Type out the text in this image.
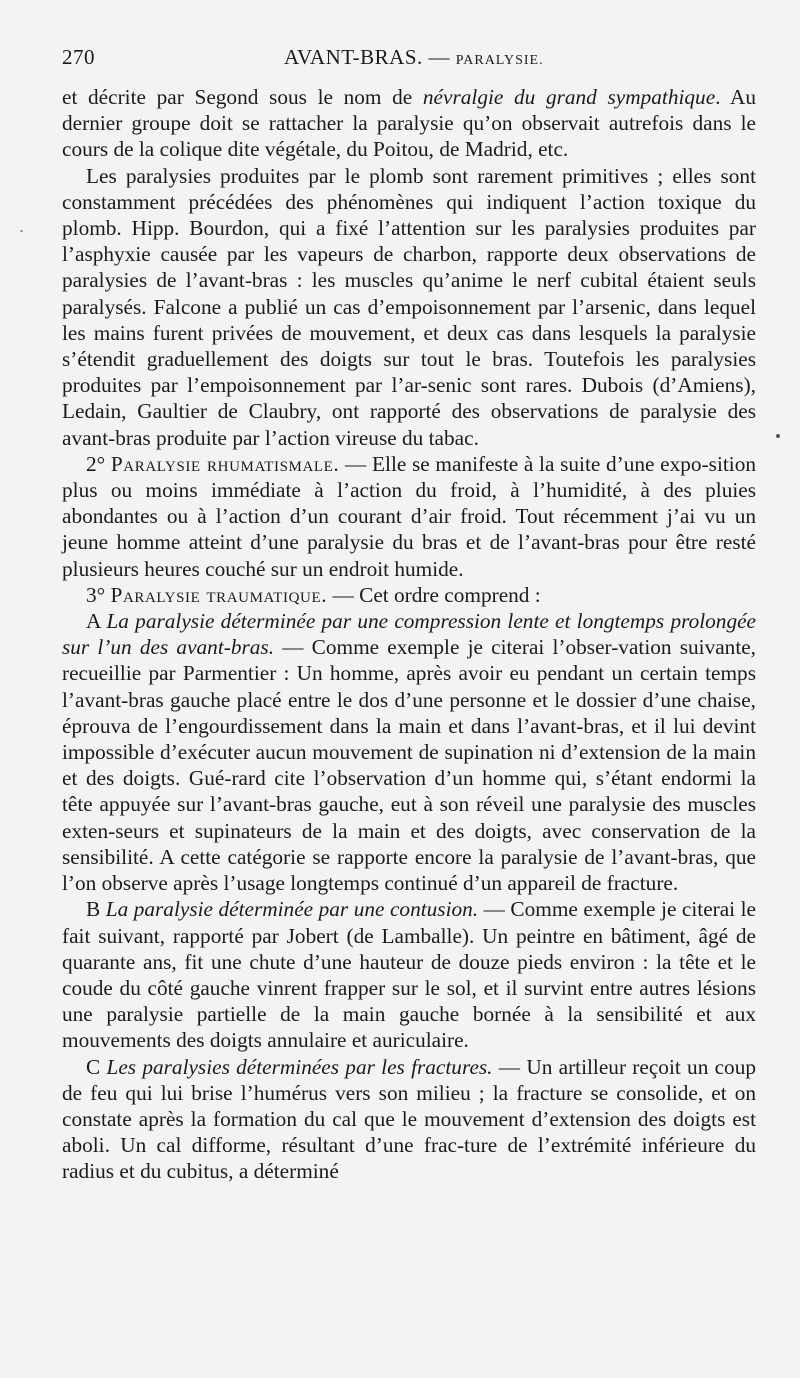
270	AVANT-BRAS. — PARALYSIE.

et décrite par Segond sous le nom de névralgie du grand sympathique. Au dernier groupe doit se rattacher la paralysie qu’on observait autrefois dans le cours de la colique dite végétale, du Poitou, de Madrid, etc.

Les paralysies produites par le plomb sont rarement primitives ; elles sont constamment précédées des phénomènes qui indiquent l’action toxique du plomb. Hipp. Bourdon, qui a fixé l’attention sur les paralysies produites par l’asphyxie causée par les vapeurs de charbon, rapporte deux observations de paralysies de l’avant-bras : les muscles qu’anime le nerf cubital étaient seuls paralysés. Falcone a publié un cas d’empoisonnement par l’arsenic, dans lequel les mains furent privées de mouvement, et deux cas dans lesquels la paralysie s’étendit graduellement des doigts sur tout le bras. Toutefois les paralysies produites par l’empoisonnement par l’ar-senic sont rares. Dubois (d’Amiens), Ledain, Gaultier de Claubry, ont rapporté des observations de paralysie des avant-bras produite par l’action vireuse du tabac.

2° Paralysie rhumatismale. — Elle se manifeste à la suite d’une expo-sition plus ou moins immédiate à l’action du froid, à l’humidité, à des pluies abondantes ou à l’action d’un courant d’air froid. Tout récemment j’ai vu un jeune homme atteint d’une paralysie du bras et de l’avant-bras pour être resté plusieurs heures couché sur un endroit humide.

3° Paralysie traumatique. — Cet ordre comprend :

A La paralysie déterminée par une compression lente et longtemps prolongée sur l’un des avant-bras. — Comme exemple je citerai l’obser-vation suivante, recueillie par Parmentier : Un homme, après avoir eu pendant un certain temps l’avant-bras gauche placé entre le dos d’une personne et le dossier d’une chaise, éprouva de l’engourdissement dans la main et dans l’avant-bras, et il lui devint impossible d’exécuter aucun mouvement de supination ni d’extension de la main et des doigts. Gué-rard cite l’observation d’un homme qui, s’étant endormi la tête appuyée sur l’avant-bras gauche, eut à son réveil une paralysie des muscles exten-seurs et supinateurs de la main et des doigts, avec conservation de la sensibilité. A cette catégorie se rapporte encore la paralysie de l’avant-bras, que l’on observe après l’usage longtemps continué d’un appareil de fracture.

B La paralysie déterminée par une contusion. — Comme exemple je citerai le fait suivant, rapporté par Jobert (de Lamballe). Un peintre en bâtiment, âgé de quarante ans, fit une chute d’une hauteur de douze pieds environ : la tête et le coude du côté gauche vinrent frapper sur le sol, et il survint entre autres lésions une paralysie partielle de la main gauche bornée à la sensibilité et aux mouvements des doigts annulaire et auriculaire.

C Les paralysies déterminées par les fractures. — Un artilleur reçoit un coup de feu qui lui brise l’humérus vers son milieu ; la fracture se consolide, et on constate après la formation du cal que le mouvement d’extension des doigts est aboli. Un cal difforme, résultant d’une frac-ture de l’extrémité inférieure du radius et du cubitus, a déterminé
